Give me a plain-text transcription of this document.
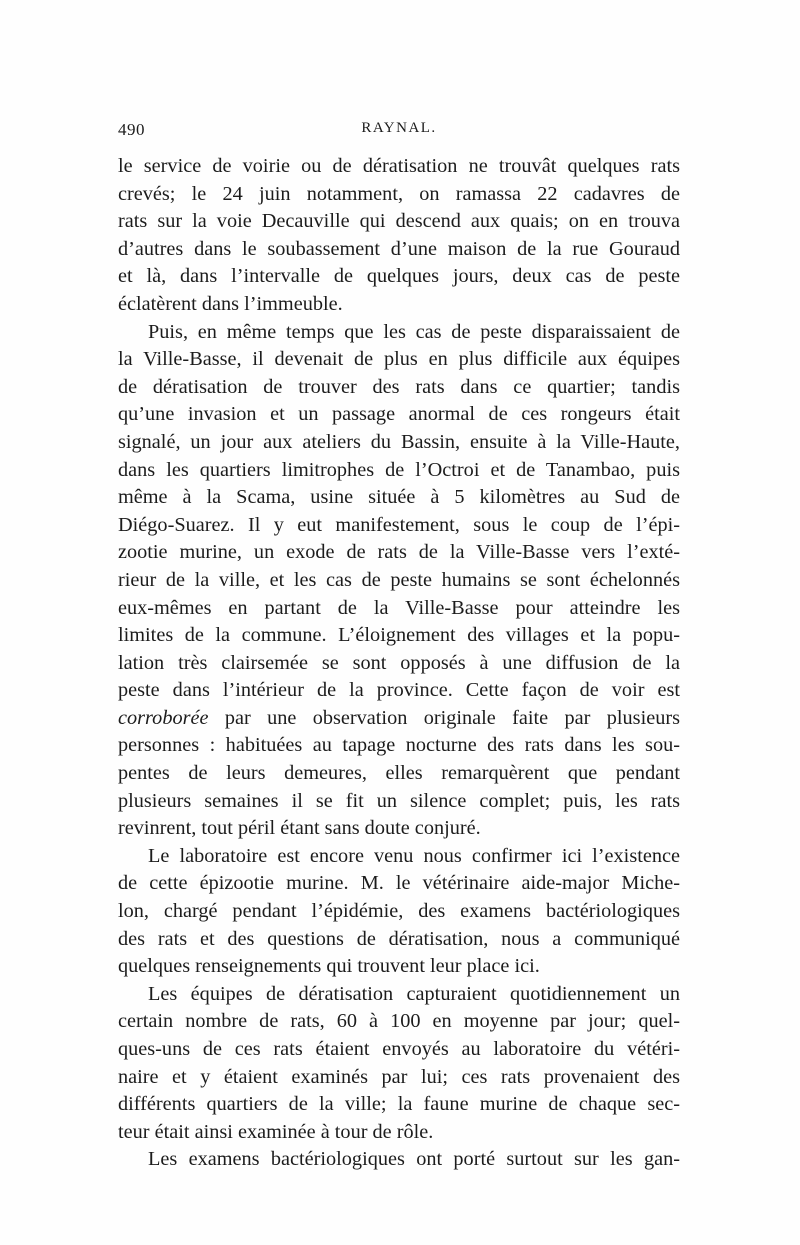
490	RAYNAL.
le service de voirie ou de dératisation ne trouvât quelques rats
crevés; le 24 juin notamment, on ramassa 22 cadavres de
rats sur la voie Decauville qui descend aux quais; on en trouva
d’autres dans le soubassement d’une maison de la rue Gouraud
et là, dans l’intervalle de quelques jours, deux cas de peste
éclatèrent dans l’immeuble.
Puis, en même temps que les cas de peste disparaissaient de
la Ville-Basse, il devenait de plus en plus difficile aux équipes
de dératisation de trouver des rats dans ce quartier; tandis
qu’une invasion et un passage anormal de ces rongeurs était
signalé, un jour aux ateliers du Bassin, ensuite à la Ville-Haute,
dans les quartiers limitrophes de l’Octroi et de Tanambao, puis
même à la Scama, usine située à 5 kilomètres au Sud de
Diégo-Suarez. Il y eut manifestement, sous le coup de l’épi-
zootie murine, un exode de rats de la Ville-Basse vers l’exté-
rieur de la ville, et les cas de peste humains se sont échelonnés
eux-mêmes en partant de la Ville-Basse pour atteindre les
limites de la commune. L’éloignement des villages et la popu-
lation très clairsemée se sont opposés à une diffusion de la
peste dans l’intérieur de la province. Cette façon de voir est
corroborée par une observation originale faite par plusieurs
personnes : habituées au tapage nocturne des rats dans les sou-
pentes de leurs demeures, elles remarquèrent que pendant
plusieurs semaines il se fit un silence complet; puis, les rats
revinrent, tout péril étant sans doute conjuré.
Le laboratoire est encore venu nous confirmer ici l’existence
de cette épizootie murine. M. le vétérinaire aide-major Miche-
lon, chargé pendant l’épidémie, des examens bactériologiques
des rats et des questions de dératisation, nous a communiqué
quelques renseignements qui trouvent leur place ici.
Les équipes de dératisation capturaient quotidiennement un
certain nombre de rats, 60 à 100 en moyenne par jour; quel-
ques-uns de ces rats étaient envoyés au laboratoire du vétéri-
naire et y étaient examinés par lui; ces rats provenaient des
différents quartiers de la ville; la faune murine de chaque sec-
teur était ainsi examinée à tour de rôle.
Les examens bactériologiques ont porté surtout sur les gan-
